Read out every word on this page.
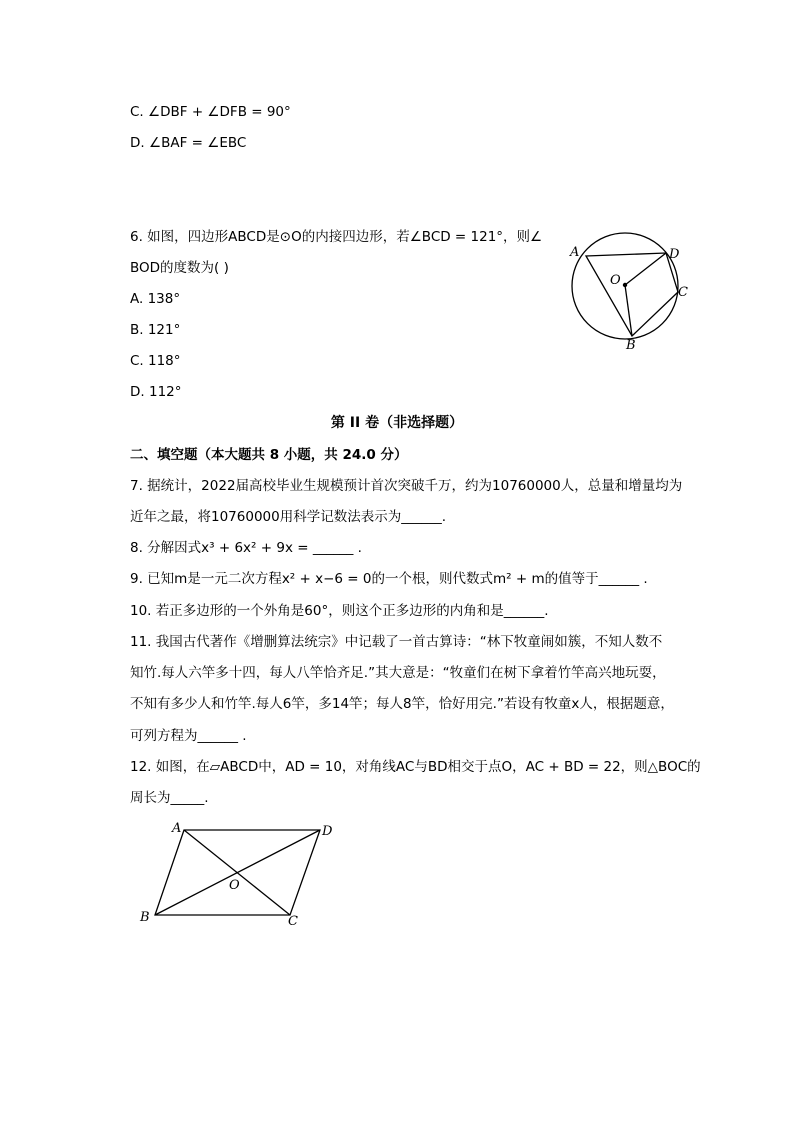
C. ∠DBF + ∠DFB = 90°
D. ∠BAF = ∠EBC
6. 如图，四边形ABCD是⊙O的内接四边形，若∠BCD = 121°，则∠
BOD的度数为( )
A. 138°
B. 121°
C. 118°
D. 112°
A	D
C
B
O
第 II 卷（非选择题）
二、填空题（本大题共 8 小题，共 24.0 分）
7. 据统计，2022届高校毕业生规模预计首次突破千万，约为10760000人，总量和增量均为
近年之最，将10760000用科学记数法表示为______.
8. 分解因式x³ + 6x² + 9x = ______ .
9. 已知m是一元二次方程x² + x−6 = 0的一个根，则代数式m² + m的值等于______ .
10. 若正多边形的一个外角是60°，则这个正多边形的内角和是______.
11. 我国古代著作《增删算法统宗》中记载了一首古算诗：“林下牧童闹如簇，不知人数不
知竹.每人六竿多十四，每人八竿恰齐足.”其大意是：“牧童们在树下拿着竹竿高兴地玩耍，
不知有多少人和竹竿.每人6竿，多14竿；每人8竿，恰好用完.”若设有牧童x人，根据题意，
可列方程为______ .
12. 如图，在▱ABCD中，AD = 10，对角线AC与BD相交于点O，AC + BD = 22，则△BOC的
周长为_____.
A	D
B	C
O
